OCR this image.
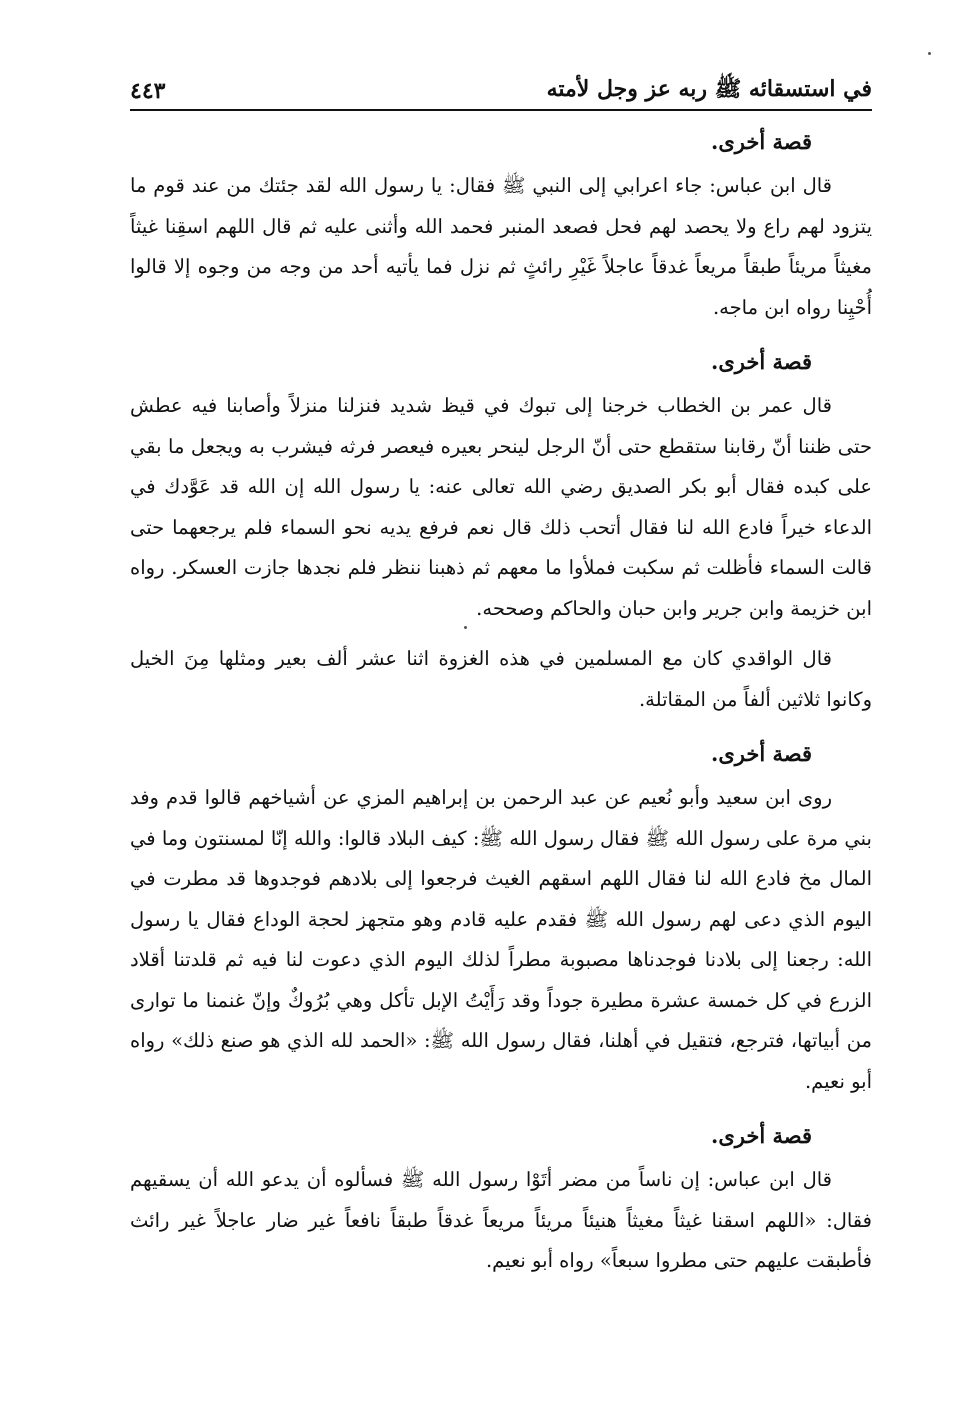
في استسقائه ﷺ ربه عز وجل لأمته
٤٤٣
قصة أخرى.

قال ابن عباس: جاء اعرابي إلى النبي ﷺ فقال: يا رسول الله لقد جئتك من عند قوم ما يتزود لهم راع ولا يحصد لهم فحل فصعد المنبر فحمد الله وأثنى عليه ثم قال اللهم اسقِنا غيثاً مغيثاً مريئاً طبقاً مريعاً غدقاً عاجلاً غَيْرِ رائثٍ ثم نزل فما يأتيه أحد من وجه من وجوه إلا قالوا أُحْيِنا رواه ابن ماجه.

قصة أخرى.

قال عمر بن الخطاب خرجنا إلى تبوك في قيظ شديد فنزلنا منزلاً وأصابنا فيه عطش حتى ظننا أنّ رقابنا ستقطع حتى أنّ الرجل لينحر بعيره فيعصر فرثه فيشرب به ويجعل ما بقي على كبده فقال أبو بكر الصديق رضي الله تعالى عنه: يا رسول الله إن الله قد عَوَّدك في الدعاء خيراً فادع الله لنا فقال أتحب ذلك قال نعم فرفع يديه نحو السماء فلم يرجعهما حتى قالت السماء فأظلت ثم سكبت فملأوا ما معهم ثم ذهبنا ننظر فلم نجدها جازت العسكر. رواه ابن خزيمة وابن جرير وابن حبان والحاكم وصححه.

قال الواقدي كان مع المسلمين في هذه الغزوة اثنا عشر ألف بعير ومثلها مِنَ الخيل وكانوا ثلاثين ألفاً من المقاتلة.

قصة أخرى.

روى ابن سعيد وأبو نُعيم عن عبد الرحمن بن إبراهيم المزي عن أشياخهم قالوا قدم وفد بني مرة على رسول الله ﷺ فقال رسول الله ﷺ: كيف البلاد قالوا: والله إنّا لمسنتون وما في المال مخ فادع الله لنا فقال اللهم اسقهم الغيث فرجعوا إلى بلادهم فوجدوها قد مطرت في اليوم الذي دعى لهم رسول الله ﷺ فقدم عليه قادم وهو متجهز لحجة الوداع فقال يا رسول الله: رجعنا إلى بلادنا فوجدناها مصبوبة مطراً لذلك اليوم الذي دعوت لنا فيه ثم قلدتنا أقلاد الزرع في كل خمسة عشرة مطيرة جوداً وقد رَأَيْتُ الإبل تأكل وهي بُرُوكٌ وإنّ غنمنا ما توارى من أبياتها، فترجع، فتقيل في أهلنا، فقال رسول الله ﷺ: «الحمد لله الذي هو صنع ذلك» رواه أبو نعيم.

قصة أخرى.

قال ابن عباس: إن ناساً من مضر أتَوْا رسول الله ﷺ فسألوه أن يدعو الله أن يسقيهم فقال: «اللهم اسقنا غيثاً مغيثاً هنيئاً مريئاً مريعاً غدقاً طبقاً نافعاً غير ضار عاجلاً غير رائث فأطبقت عليهم حتى مطروا سبعاً» رواه أبو نعيم.
